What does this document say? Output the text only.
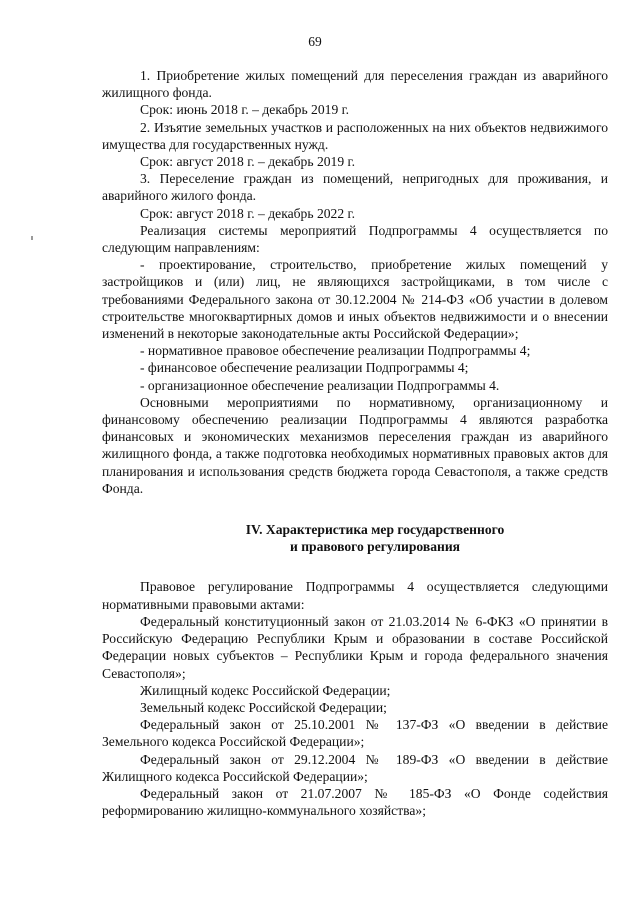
69

1. Приобретение жилых помещений для переселения граждан из аварийного жилищного фонда.

Срок: июнь 2018 г. – декабрь 2019 г.

2. Изъятие земельных участков и расположенных на них объектов недвижимого имущества для государственных нужд.

Срок: август 2018 г. – декабрь 2019 г.

3. Переселение граждан из помещений, непригодных для проживания, и аварийного жилого фонда.

Срок: август 2018 г. – декабрь 2022 г.

Реализация системы мероприятий Подпрограммы 4 осуществляется по следующим направлениям:

- проектирование, строительство, приобретение жилых помещений у застройщиков и (или) лиц, не являющихся застройщиками, в том числе с требованиями Федерального закона от 30.12.2004 № 214-ФЗ «Об участии в долевом строительстве многоквартирных домов и иных объектов недвижимости и о внесении изменений в некоторые законодательные акты Российской Федерации»;

- нормативное правовое обеспечение реализации Подпрограммы 4;

- финансовое обеспечение реализации Подпрограммы 4;

- организационное обеспечение реализации Подпрограммы 4.

Основными мероприятиями по нормативному, организационному и финансовому обеспечению реализации Подпрограммы 4 являются разработка финансовых и экономических механизмов переселения граждан из аварийного жилищного фонда, а также подготовка необходимых нормативных правовых актов для планирования и использования средств бюджета города Севастополя, а также средств Фонда.

IV. Характеристика мер государственного
и правового регулирования

Правовое регулирование Подпрограммы 4 осуществляется следующими нормативными правовыми актами:

Федеральный конституционный закон от 21.03.2014 № 6-ФКЗ «О принятии в Российскую Федерацию Республики Крым и образовании в составе Российской Федерации новых субъектов – Республики Крым и города федерального значения Севастополя»;

Жилищный кодекс Российской Федерации;

Земельный кодекс Российской Федерации;

Федеральный закон от 25.10.2001 № 137-ФЗ «О введении в действие Земельного кодекса Российской Федерации»;

Федеральный закон от 29.12.2004 № 189-ФЗ «О введении в действие Жилищного кодекса Российской Федерации»;

Федеральный закон от 21.07.2007 № 185-ФЗ «О Фонде содействия реформированию жилищно-коммунального хозяйства»;
